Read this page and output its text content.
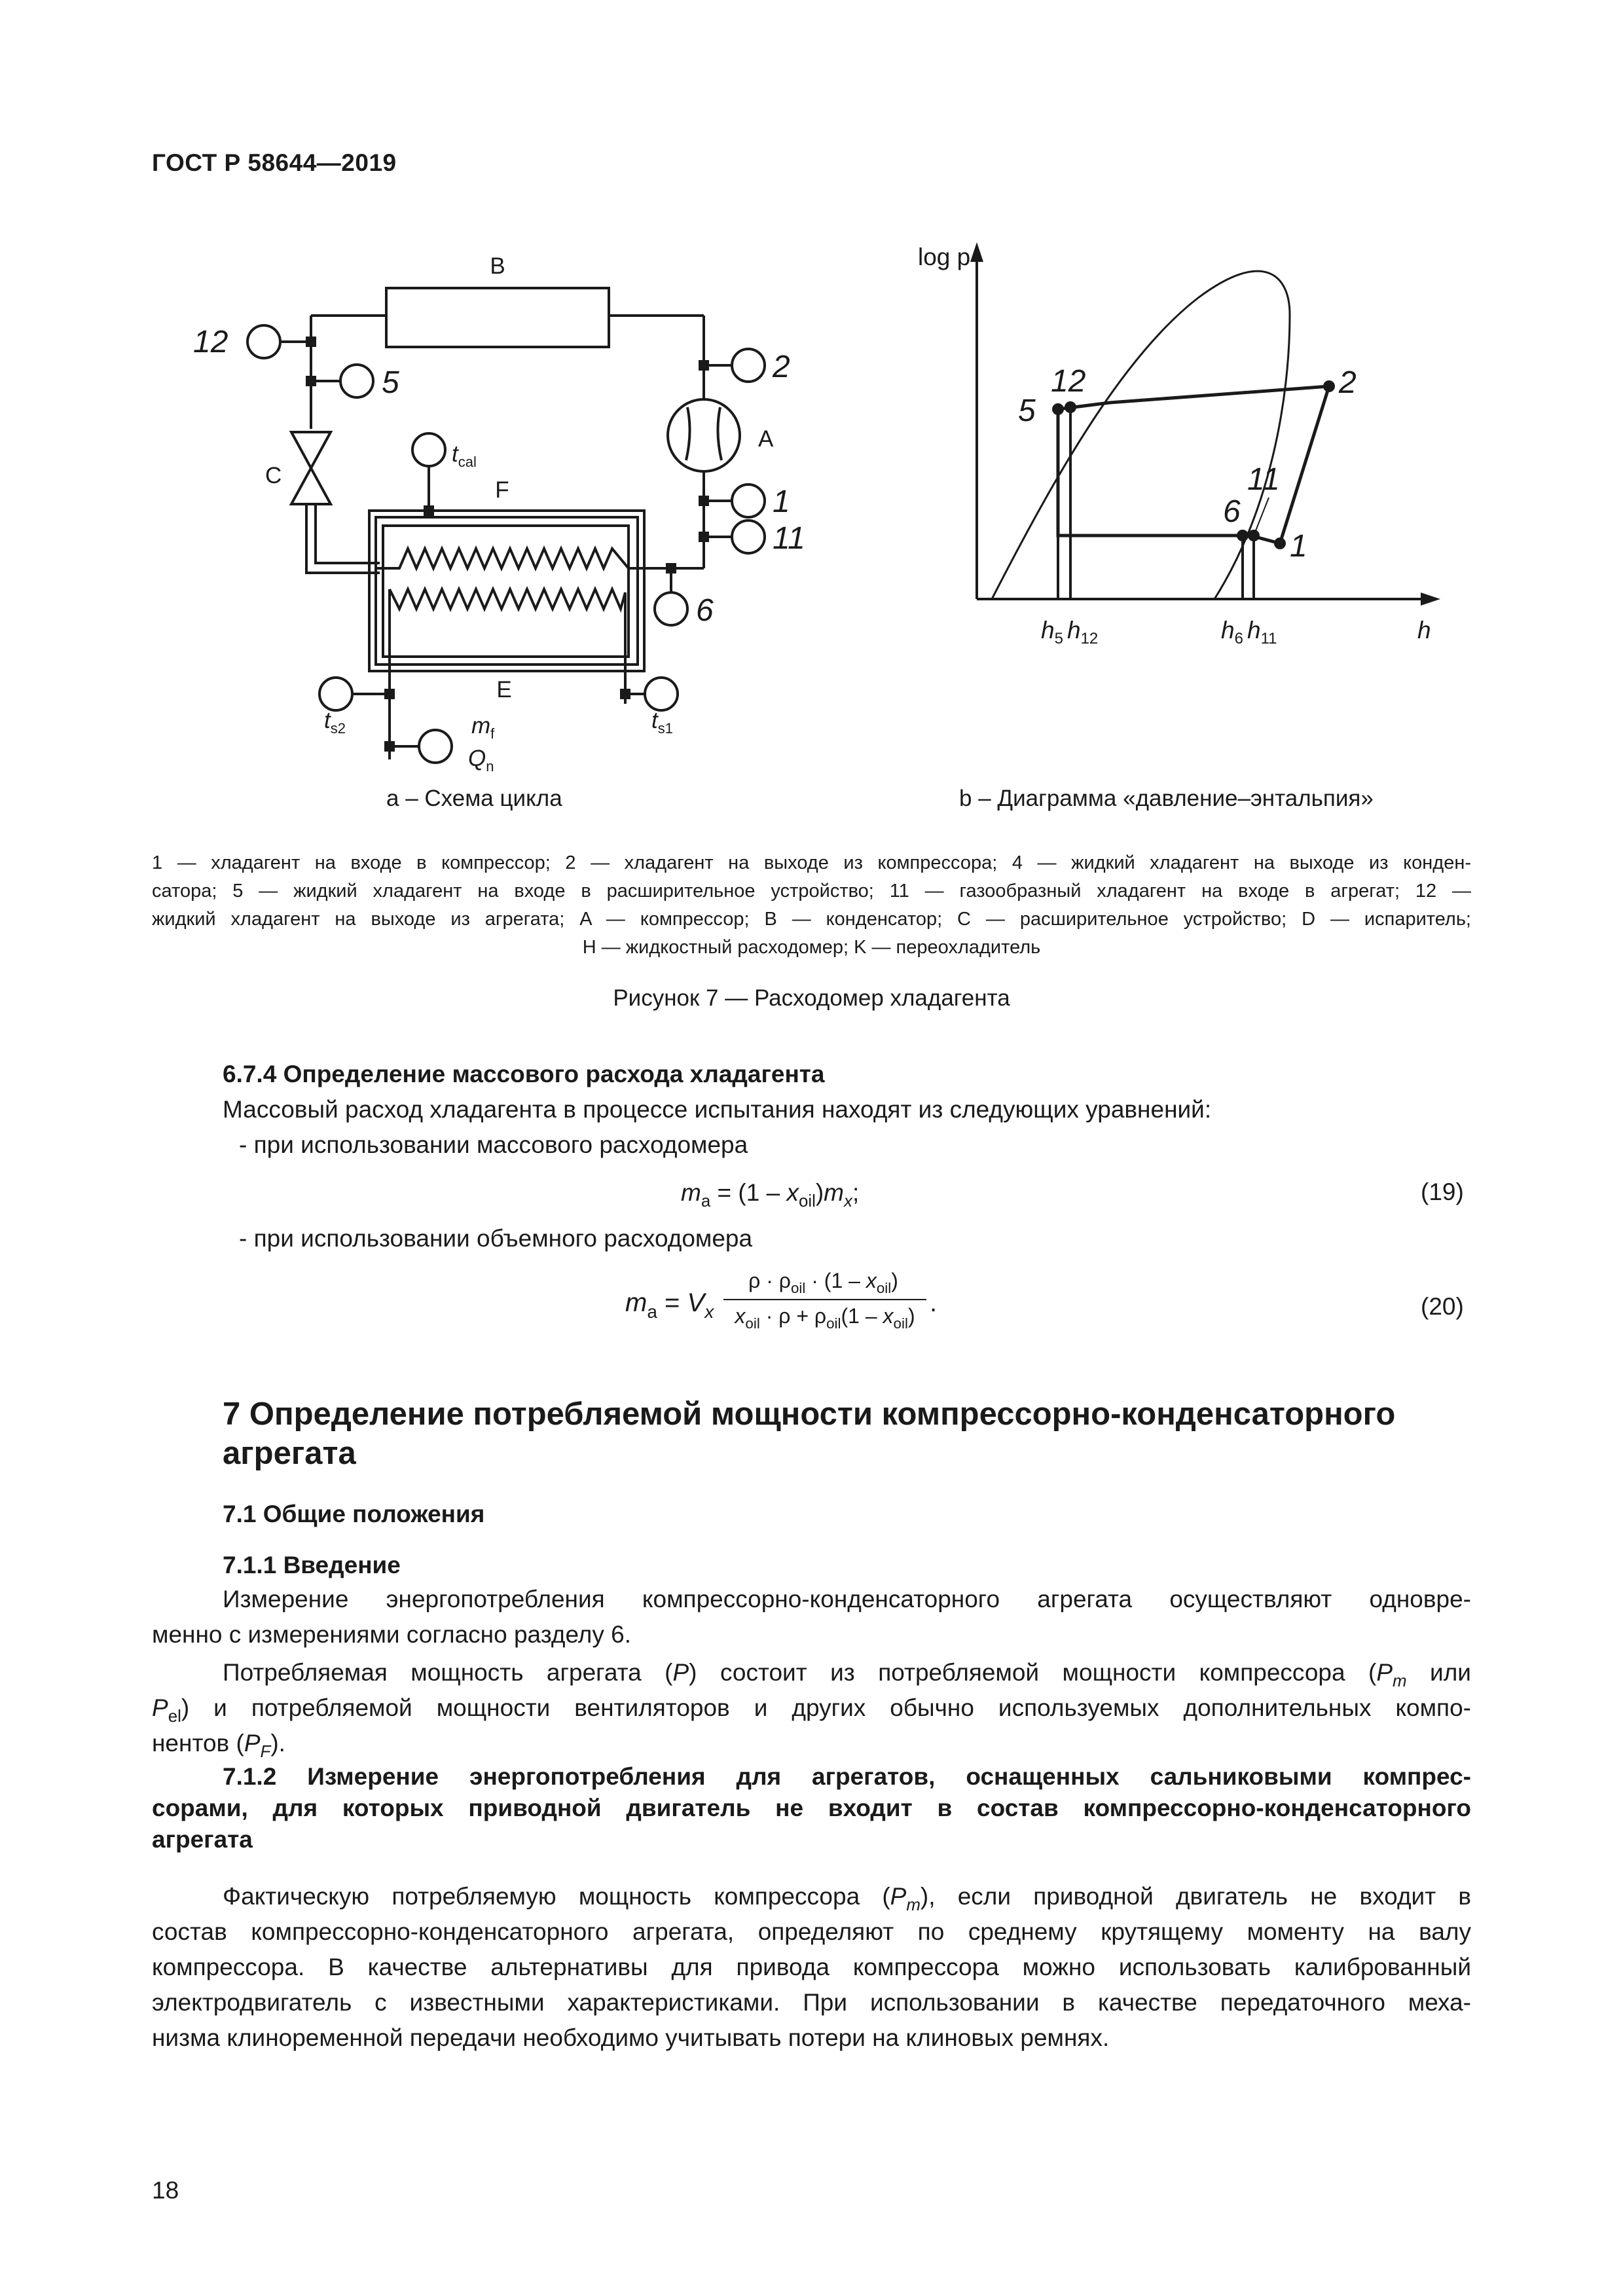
ГОСТ Р 58644—2019
B
A
C
F
E
12
5	2
1
11
6
$t_{cal}$
$t_{s2}$	$t_{s1}$
$m_f$
$Q_n$
a – Схема цикла
log p
h
5
12	2
11
6
1
$h_5$ $h_{12}$	$h_6$ $h_{11}$
b – Диаграмма «давление–энтальпия»
1 — хладагент на входе в компрессор; 2 — хладагент на выходе из компрессора; 4 — жидкий хладагент на выходе из конден-
сатора; 5 — жидкий хладагент на входе в расширительное устройство; 11 — газообразный хладагент на входе в агрегат; 12 —
жидкий хладагент на выходе из агрегата; A — компрессор; B — конденсатор; C — расширительное устройство; D — испаритель;
H — жидкостный расходомер; K — переохладитель
Рисунок 7 — Расходомер хладагента
6.7.4 Определение массового расхода хладагента
Массовый расход хладагента в процессе испытания находят из следующих уравнений:
- при использовании массового расходомера
$m_a = (1 - x_{oil})m_x$;	(19)
- при использовании объемного расходомера
$m_a = V_x$
$\rho \cdot \rho_{oil} \cdot (1 - x_{oil})$
$x_{oil} \cdot \rho + \rho_{oil}(1 - x_{oil})$ .	(20)
7 Определение потребляемой мощности компрессорно-конденсаторного
агрегата
7.1 Общие положения
7.1.1 Введение
Измерение энергопотребления компрессорно-конденсаторного агрегата осуществляют одновре-
менно с измерениями согласно разделу 6.
Потребляемая мощность агрегата (P) состоит из потребляемой мощности компрессора ($P_m$ или
$P_{el}$) и потребляемой мощности вентиляторов и других обычно используемых дополнительных компо-
нентов $(P_F)$.
7.1.2 Измерение энергопотребления для агрегатов, оснащенных сальниковыми компрес-
сорами, для которых приводной двигатель не входит в состав компрессорно-конденсаторного
агрегата
Фактическую потребляемую мощность компрессора $(P_m)$, если приводной двигатель не входит в
состав компрессорно-конденсаторного агрегата, определяют по среднему крутящему моменту на валу
компрессора. В качестве альтернативы для привода компрессора можно использовать калиброванный
электродвигатель с известными характеристиками. При использовании в качестве передаточного меха-
низма клиноременной передачи необходимо учитывать потери на клиновых ремнях.
18
